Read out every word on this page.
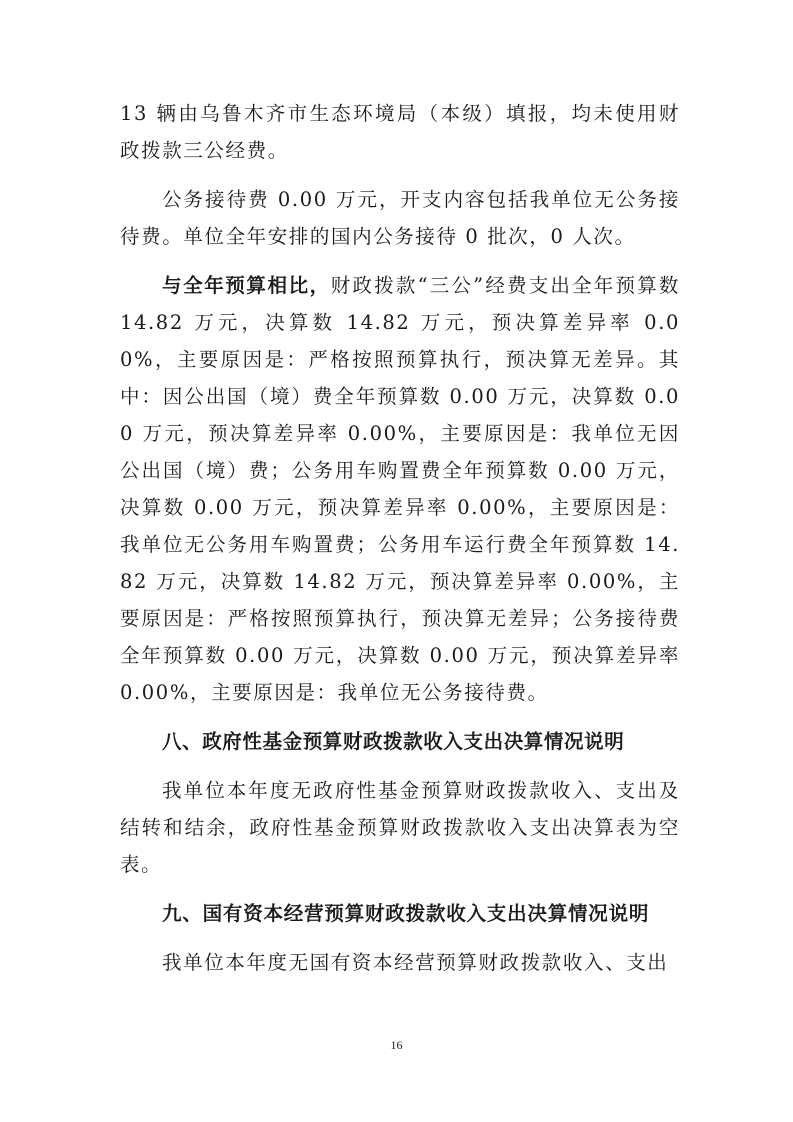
13 辆由乌鲁木齐市生态环境局（本级）填报，均未使用财政拨款三公经费。

公务接待费 0.00 万元，开支内容包括我单位无公务接待费。单位全年安排的国内公务接待 0 批次，0 人次。

与全年预算相比，财政拨款“三公”经费支出全年预算数 14.82 万元，决算数 14.82 万元，预决算差异率 0.00%，主要原因是：严格按照预算执行，预决算无差异。其中：因公出国（境）费全年预算数 0.00 万元，决算数 0.00 万元，预决算差异率 0.00%，主要原因是：我单位无因公出国（境）费；公务用车购置费全年预算数 0.00 万元，决算数 0.00 万元，预决算差异率 0.00%，主要原因是：我单位无公务用车购置费；公务用车运行费全年预算数 14.82 万元，决算数 14.82 万元，预决算差异率 0.00%，主要原因是：严格按照预算执行，预决算无差异；公务接待费全年预算数 0.00 万元，决算数 0.00 万元，预决算差异率 0.00%，主要原因是：我单位无公务接待费。

八、政府性基金预算财政拨款收入支出决算情况说明

我单位本年度无政府性基金预算财政拨款收入、支出及结转和结余，政府性基金预算财政拨款收入支出决算表为空表。

九、国有资本经营预算财政拨款收入支出决算情况说明

我单位本年度无国有资本经营预算财政拨款收入、支出

16
